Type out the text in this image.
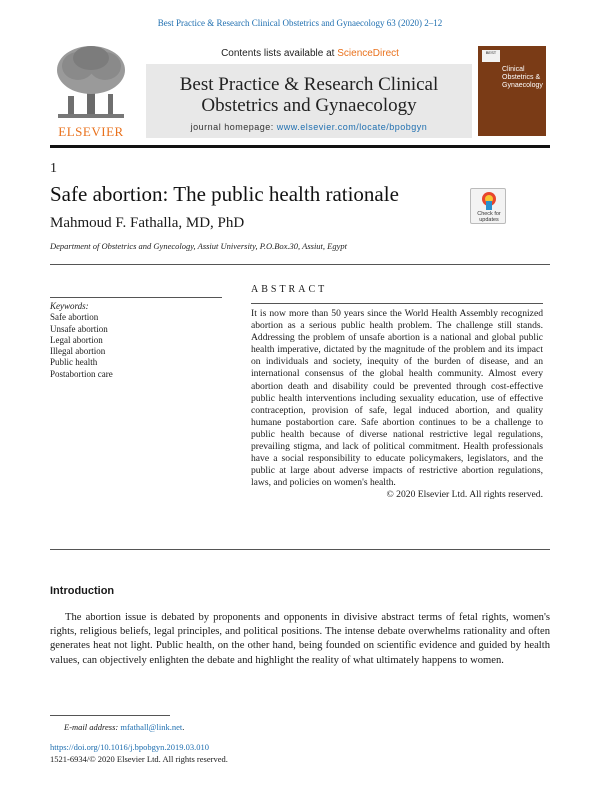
Best Practice & Research Clinical Obstetrics and Gynaecology 63 (2020) 2–12
ELSEVIER
Contents lists available at ScienceDirect
Best Practice & Research Clinical Obstetrics and Gynaecology
journal homepage: www.elsevier.com/locate/bpobgyn
BEST
Clinical Obstetrics & Gynaecology
1
Safe abortion: The public health rationale
Check for updates
Mahmoud F. Fathalla, MD, PhD
Department of Obstetrics and Gynecology, Assiut University, P.O.Box.30, Assiut, Egypt
Keywords:
Safe abortion
Unsafe abortion
Legal abortion
Illegal abortion
Public health
Postabortion care
ABSTRACT

It is now more than 50 years since the World Health Assembly recognized abortion as a serious public health problem. The challenge still stands. Addressing the problem of unsafe abortion is a national and global public health imperative, dictated by the magnitude of the problem and its impact on individuals and society, inequity of the burden of disease, and an international consensus of the global health community. Almost every abortion death and disability could be prevented through cost-effective public health interventions including sexuality education, use of effective contraception, provision of safe, legal induced abortion, and quality humane postabortion care. Safe abortion continues to be a challenge to public health because of diverse national restrictive legal regulations, prevailing stigma, and lack of political commitment. Health professionals have a social responsibility to educate policymakers, legislators, and the public at large about adverse impacts of restrictive abortion regulations, laws, and policies on women's health.

© 2020 Elsevier Ltd. All rights reserved.

Introduction

The abortion issue is debated by proponents and opponents in divisive abstract terms of fetal rights, women's rights, religious beliefs, legal principles, and political positions. The intense debate overwhelms rationality and often generates heat not light. Public health, on the other hand, being founded on scientific evidence and guided by health values, can objectively enlighten the debate and highlight the reality of what ultimately happens to women.

E-mail address: mfathall@link.net.
https://doi.org/10.1016/j.bpobgyn.2019.03.010
1521-6934/© 2020 Elsevier Ltd. All rights reserved.
